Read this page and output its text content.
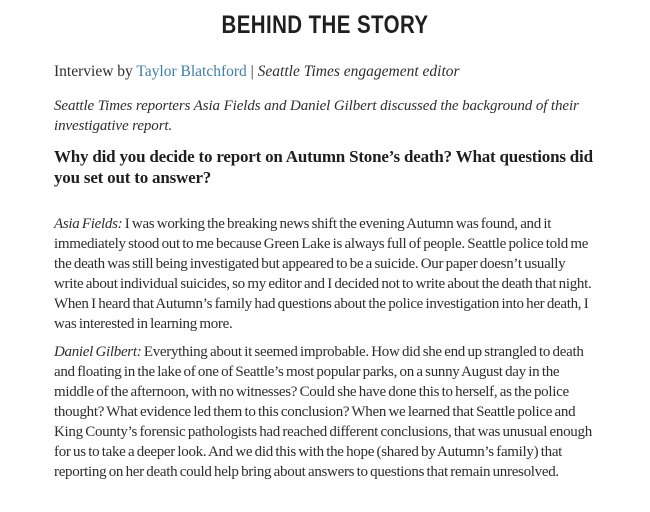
BEHIND THE STORY

Interview by Taylor Blatchford | Seattle Times engagement editor

Seattle Times reporters Asia Fields and Daniel Gilbert discussed the background of their investigative report.

Why did you decide to report on Autumn Stone’s death? What questions did you set out to answer?

Asia Fields: I was working the breaking news shift the evening Autumn was found, and it immediately stood out to me because Green Lake is always full of people. Seattle police told me the death was still being investigated but appeared to be a suicide. Our paper doesn’t usually write about individual suicides, so my editor and I decided not to write about the death that night. When I heard that Autumn’s family had questions about the police investigation into her death, I was interested in learning more.

Daniel Gilbert: Everything about it seemed improbable. How did she end up strangled to death and floating in the lake of one of Seattle’s most popular parks, on a sunny August day in the middle of the afternoon, with no witnesses? Could she have done this to herself, as the police thought? What evidence led them to this conclusion? When we learned that Seattle police and King County’s forensic pathologists had reached different conclusions, that was unusual enough for us to take a deeper look. And we did this with the hope (shared by Autumn’s family) that reporting on her death could help bring about answers to questions that remain unresolved.
